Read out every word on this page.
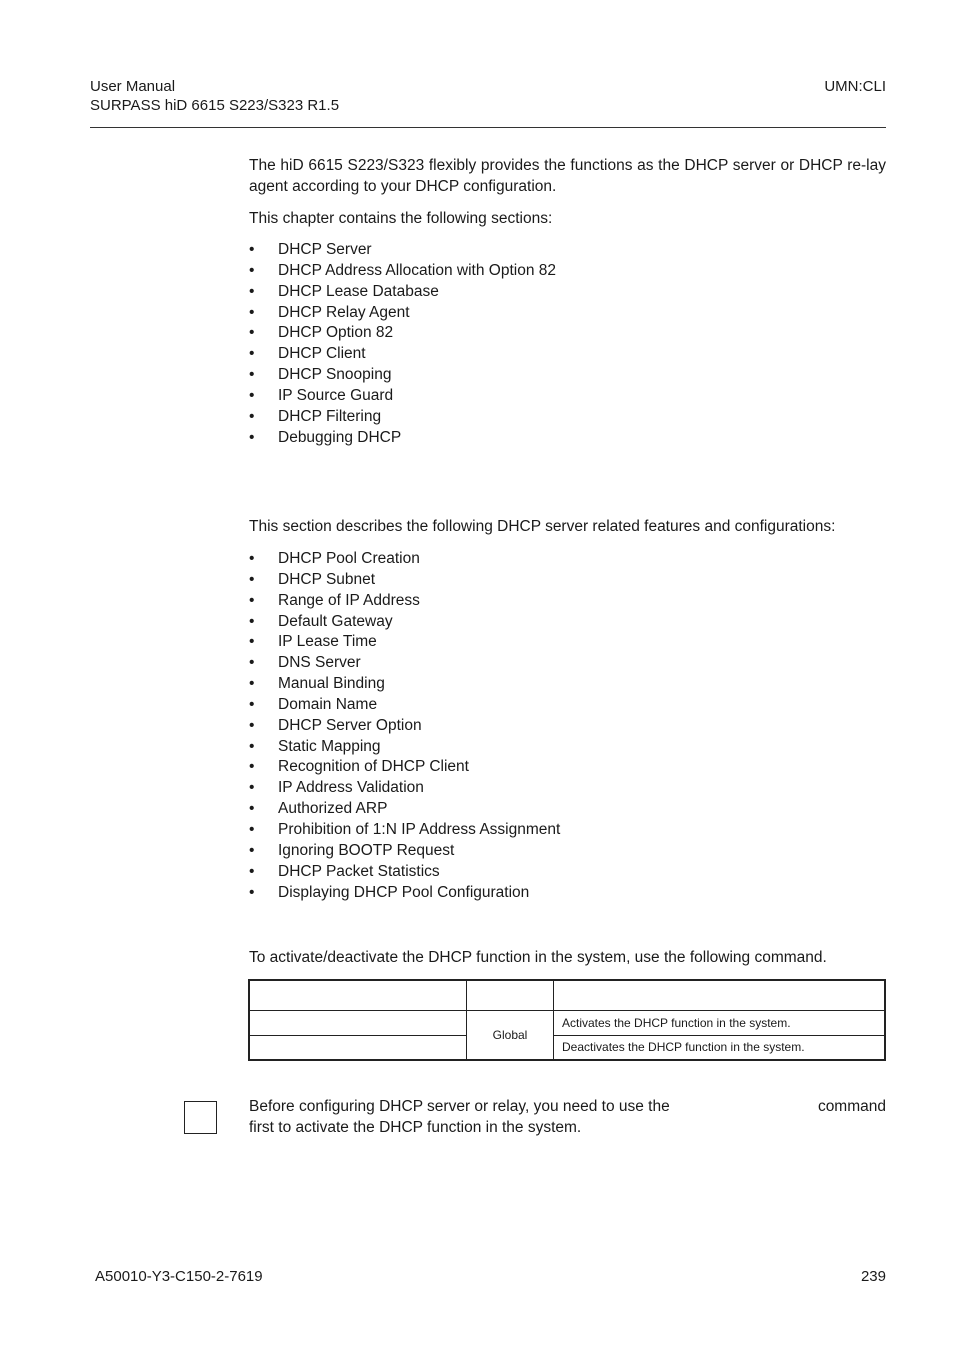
User Manual
SURPASS hiD 6615 S223/S323 R1.5
UMN:CLI
The hiD 6615 S223/S323 flexibly provides the functions as the DHCP server or DHCP re-lay agent according to your DHCP configuration.
This chapter contains the following sections:
• DHCP Server
• DHCP Address Allocation with Option 82
• DHCP Lease Database
• DHCP Relay Agent
• DHCP Option 82
• DHCP Client
• DHCP Snooping
• IP Source Guard
• DHCP Filtering
• Debugging DHCP
This section describes the following DHCP server related features and configurations:
• DHCP Pool Creation
• DHCP Subnet
• Range of IP Address
• Default Gateway
• IP Lease Time
• DNS Server
• Manual Binding
• Domain Name
• DHCP Server Option
• Static Mapping
• Recognition of DHCP Client
• IP Address Validation
• Authorized ARP
• Prohibition of 1:N IP Address Assignment
• Ignoring BOOTP Request
• DHCP Packet Statistics
• Displaying DHCP Pool Configuration
To activate/deactivate the DHCP function in the system, use the following command.

	Global	Activates the DHCP function in the system.
		Deactivates the DHCP function in the system.
Before configuring DHCP server or relay, you need to use the	command
first to activate the DHCP function in the system.
A50010-Y3-C150-2-7619	239
